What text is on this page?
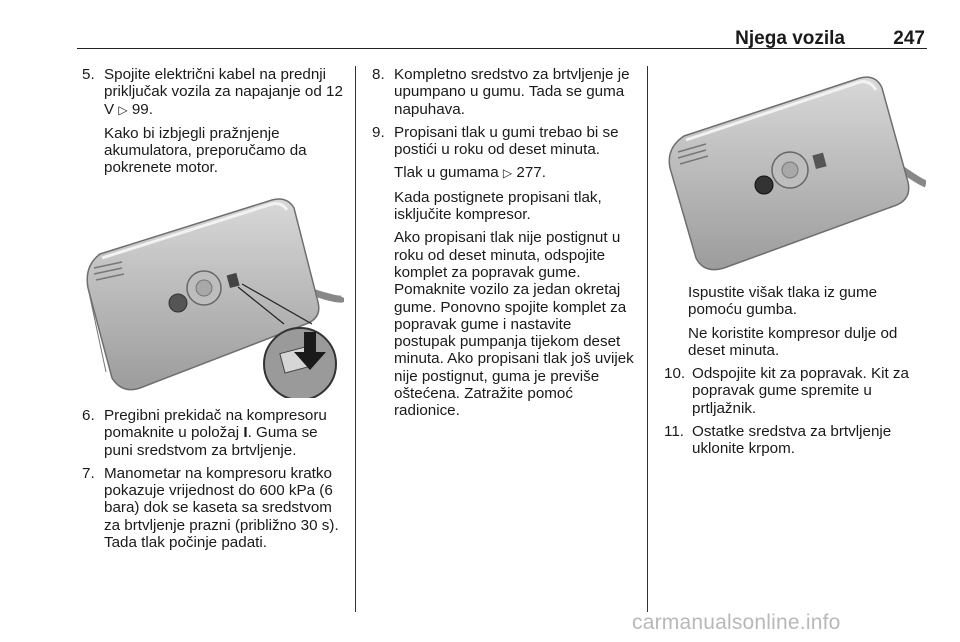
Njega vozila	247
5. Spojite električni kabel na prednji priključak vozila za napajanje od 12 V ▷ 99.

Kako bi izbjegli pražnjenje akumulatora, preporučamo da pokrenete motor.

6. Pregibni prekidač na kompresoru pomaknite u položaj I. Guma se puni sredstvom za brtvljenje.

7. Manometar na kompresoru kratko pokazuje vrijednost do 600 kPa (6 bara) dok se kaseta sa sredstvom za brtvljenje prazni (približno 30 s). Tada tlak počinje padati.

8. Kompletno sredstvo za brtvljenje je upumpano u gumu. Tada se guma napuhava.

9. Propisani tlak u gumi trebao bi se postići u roku od deset minuta.

Tlak u gumama ▷ 277.

Kada postignete propisani tlak, isključite kompresor.

Ako propisani tlak nije postignut u roku od deset minuta, odspojite komplet za popravak gume. Pomaknite vozilo za jedan okretaj gume. Ponovno spojite komplet za popravak gume i nastavite postupak pumpanja tijekom deset minuta. Ako propisani tlak još uvijek nije postignut, guma je previše oštećena. Zatražite pomoć radionice.

Ispustite višak tlaka iz gume pomoću gumba.

Ne koristite kompresor dulje od deset minuta.

10. Odspojite kit za popravak. Kit za popravak gume spremite u prtljažnik.

11. Ostatke sredstva za brtvljenje uklonite krpom.

carmanualsonline.info
